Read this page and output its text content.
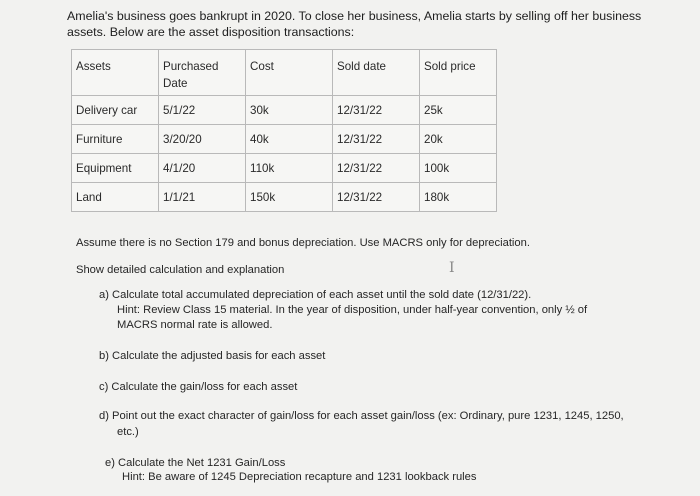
Amelia's business goes bankrupt in 2020. To close her business, Amelia starts by selling off her business assets. Below are the asset disposition transactions:
Assets	Purchased Date	Cost	Sold date	Sold price
Delivery car	5/1/22	30k	12/31/22	25k
Furniture	3/20/20	40k	12/31/22	20k
Equipment	4/1/20	110k	12/31/22	100k
Land	1/1/21	150k	12/31/22	180k
Assume there is no Section 179 and bonus depreciation. Use MACRS only for depreciation.
Show detailed calculation and explanation	I
a) Calculate total accumulated depreciation of each asset until the sold date (12/31/22).
Hint: Review Class 15 material. In the year of disposition, under half-year convention, only ½ of
MACRS normal rate is allowed.
b) Calculate the adjusted basis for each asset
c) Calculate the gain/loss for each asset
d) Point out the exact character of gain/loss for each asset gain/loss (ex: Ordinary, pure 1231, 1245, 1250,
etc.)
e) Calculate the Net 1231 Gain/Loss
Hint: Be aware of 1245 Depreciation recapture and 1231 lookback rules
